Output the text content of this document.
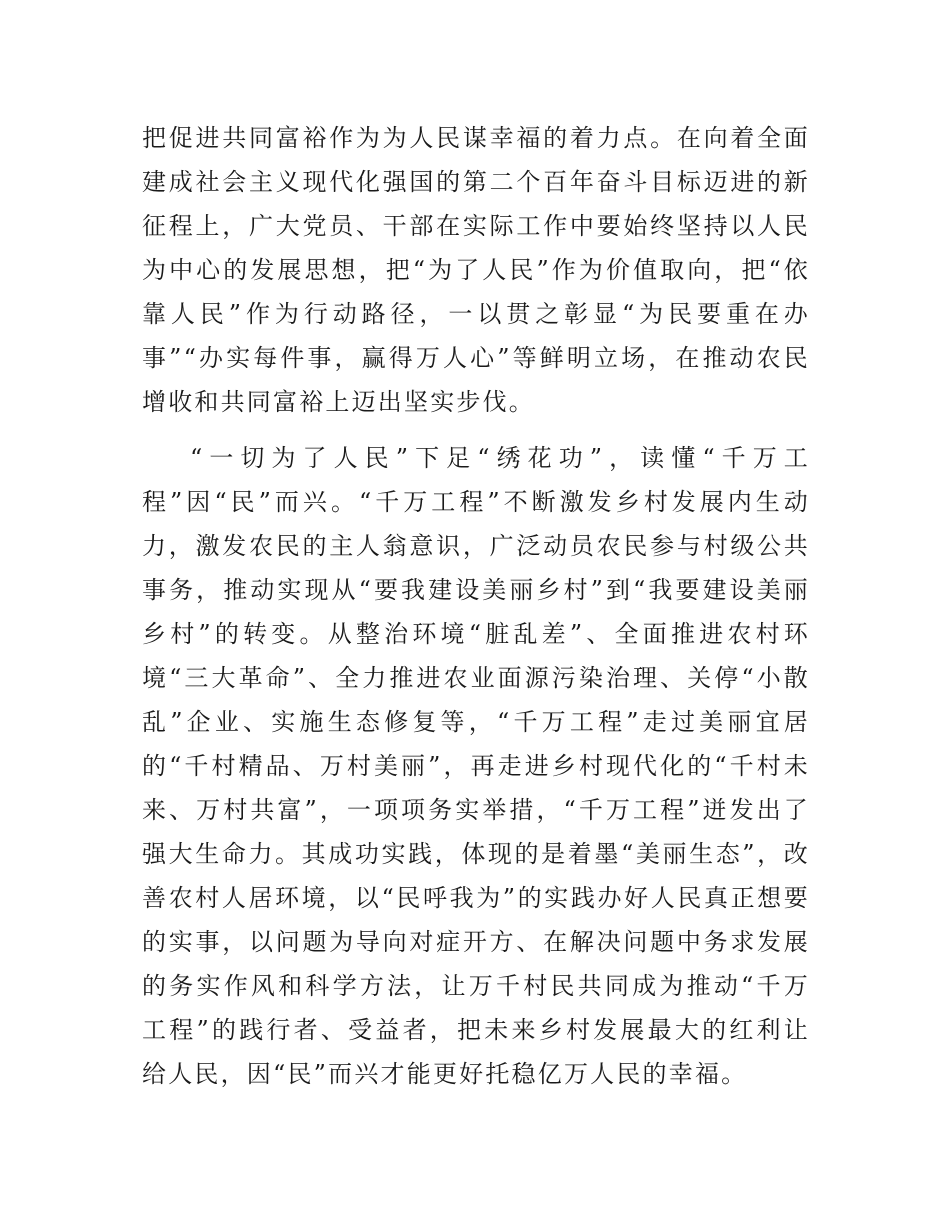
把促进共同富裕作为为人民谋幸福的着力点。在向着全面建成社会主义现代化强国的第二个百年奋斗目标迈进的新征程上，广大党员、干部在实际工作中要始终坚持以人民为中心的发展思想，把“为了人民”作为价值取向，把“依靠人民”作为行动路径，一以贯之彰显“为民要重在办事”“办实每件事，赢得万人心”等鲜明立场，在推动农民增收和共同富裕上迈出坚实步伐。

“一切为了人民”下足“绣花功”，读懂“千万工程”因“民”而兴。“千万工程”不断激发乡村发展内生动力，激发农民的主人翁意识，广泛动员农民参与村级公共事务，推动实现从“要我建设美丽乡村”到“我要建设美丽乡村”的转变。从整治环境“脏乱差”、全面推进农村环境“三大革命”、全力推进农业面源污染治理、关停“小散乱”企业、实施生态修复等，“千万工程”走过美丽宜居的“千村精品、万村美丽”，再走进乡村现代化的“千村未来、万村共富”，一项项务实举措，“千万工程”迸发出了强大生命力。其成功实践，体现的是着墨“美丽生态”，改善农村人居环境，以“民呼我为”的实践办好人民真正想要的实事，以问题为导向对症开方、在解决问题中务求发展的务实作风和科学方法，让万千村民共同成为推动“千万工程”的践行者、受益者，把未来乡村发展最大的红利让给人民，因“民”而兴才能更好托稳亿万人民的幸福。
